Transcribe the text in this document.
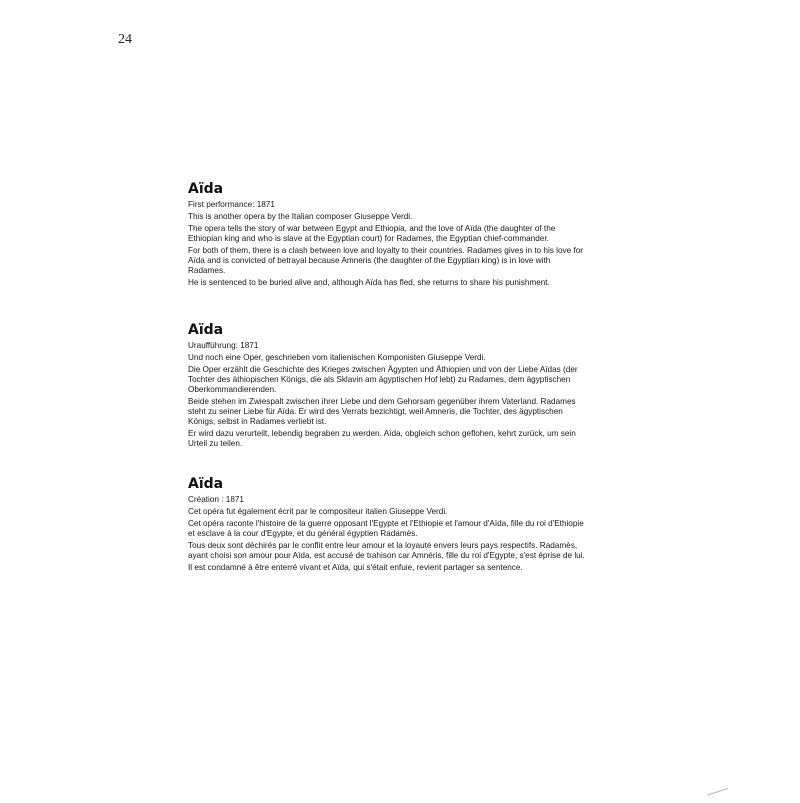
24
Aïda

First performance: 1871

This is another opera by the Italian composer Giuseppe Verdi.

The opera tells the story of war between Egypt and Ethiopia, and the love of Aïda (the daughter of the Ethiopian king and who is slave at the Egyptian court) for Radames, the Egyptian chief-commander.

For both of them, there is a clash between love and loyalty to their countries. Radames gives in to his love for Aïda and is convicted of betrayal because Amneris (the daughter of the Egyptian king) is in love with Radames.

He is sentenced to be buried alive and, although Aïda has fled, she returns to share his punishment.

Aïda

Uraufführung: 1871

Und noch eine Oper, geschrieben vom italienischen Komponisten Giuseppe Verdi.

Die Oper erzählt die Geschichte des Krieges zwischen Ägypten und Äthiopien und von der Liebe Aïdas (der Tochter des äthiopischen Königs, die als Sklavin am ägyptischen Hof lebt) zu Radames, dem ägyptischen Oberkommandierenden.

Beide stehen im Zwiespalt zwischen ihrer Liebe und dem Gehorsam gegenüber ihrem Vaterland. Radames steht zu seiner Liebe für Aïda. Er wird des Verrats bezichtigt, weil Amneris, die Tochter, des ägyptischen Königs, selbst in Radames verliebt ist.

Er wird dazu verurteilt, lebendig begraben zu werden. Aïda, obgleich schon geflohen, kehrt zurück, um sein Urteil zu teilen.

Aïda

Création : 1871

Cet opéra fut également écrit par le compositeur italien Giuseppe Verdi.

Cet opéra raconte l'histoire de la guerre opposant l'Egypte et l'Ethiopie et l'amour d'Aïda, fille du roi d'Ethiopie et esclave à la cour d'Egypte, et du général égyptien Radamès.

Tous deux sont déchirés par le conflit entre leur amour et la loyauté envers leurs pays respectifs. Radamès, ayant choisi son amour pour Aïda, est accusé de trahison car Amnéris, fille du roi d'Egypte, s'est éprise de lui.

Il est condamné à être enterré vivant et Aïda, qui s'était enfuie, revient partager sa sentence.
